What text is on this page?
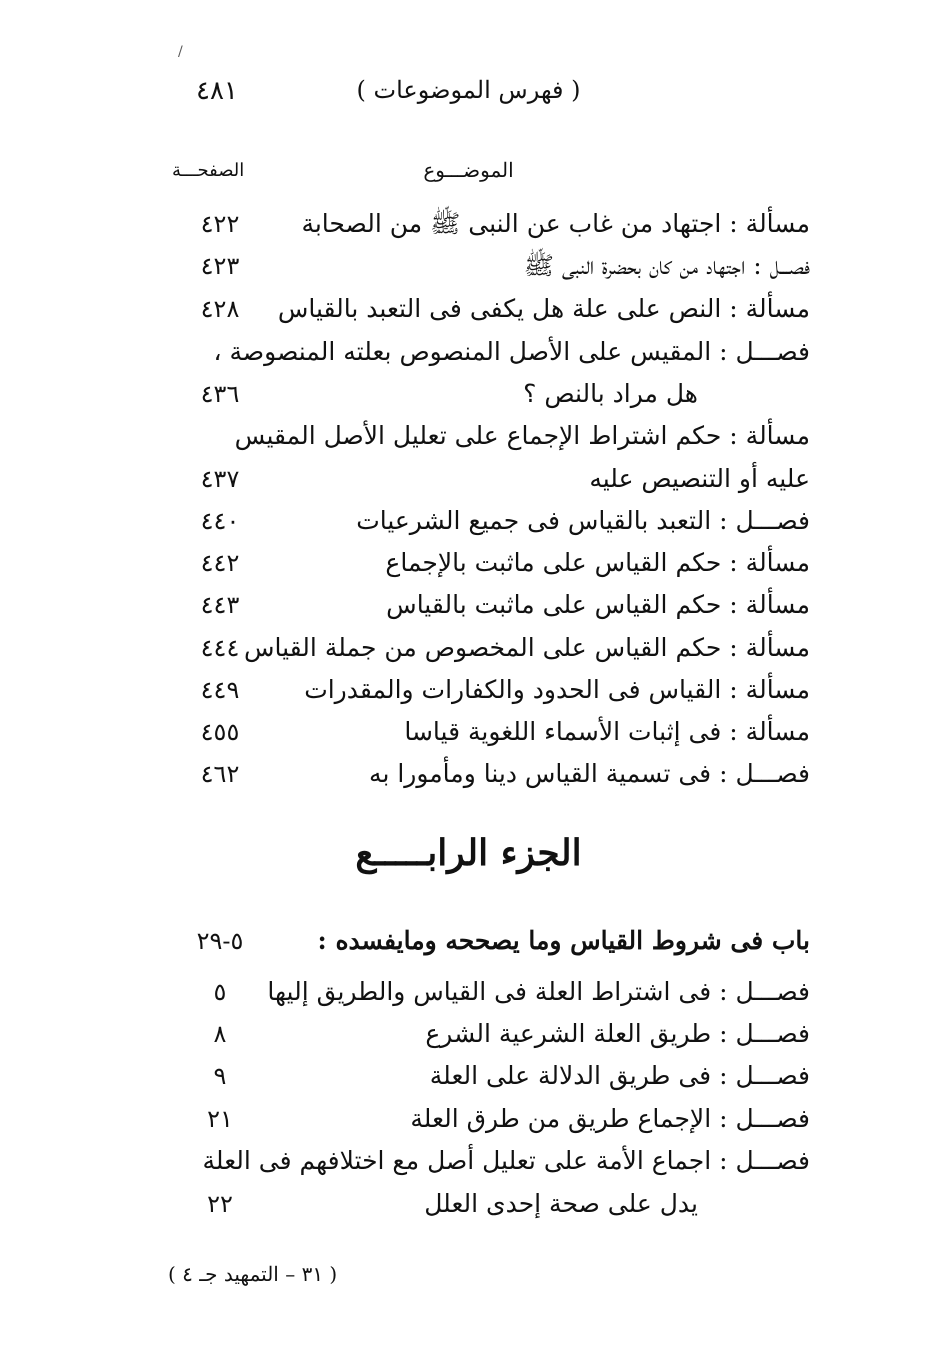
/
( فهرس الموضوعات )
٤٨١
الموضـــوع
الصفحـــة
مسألة : اجتهاد من غاب عن النبى ﷺ من الصحابة
٤٢٢
فصـــل : اجتهاد من كان بحضرة النبى ﷺ
٤٢٣
مسألة : النص على علة هل يكفى فى التعبد بالقياس
٤٢٨
فصـــل : المقيس على الأصل المنصوص بعلته المنصوصة ،
هل مراد بالنص ؟
٤٣٦
مسألة : حكم اشتراط الإجماع على تعليل الأصل المقيس
عليه أو التنصيص عليه
٤٣٧
فصـــل : التعبد بالقياس فى جميع الشرعيات
٤٤٠
مسألة : حكم القياس على ماثبت بالإجماع
٤٤٢
مسألة : حكم القياس على ماثبت بالقياس
٤٤٣
مسألة : حكم القياس على المخصوص من جملة القياس
٤٤٤
مسألة : القياس فى الحدود والكفارات والمقدرات
٤٤٩
مسألة : فى إثبات الأسماء اللغوية قياسا
٤٥٥
فصـــل : فى تسمية القياس دينا ومأمورا به
٤٦٢
الجزء الرابـــــع
باب فى شروط القياس وما يصححه ومايفسده :
٥-٢٩
فصـــل : فى اشتراط العلة فى القياس والطريق إليها
٥
فصـــل : طريق العلة الشرعية الشرع
٨
فصـــل : فى طريق الدلالة على العلة
٩
فصـــل : الإجماع طريق من طرق العلة
٢١
فصـــل : اجماع الأمة على تعليل أصل مع اختلافهم فى العلة
يدل على صحة إحدى العلل
٢٢
( ٣١ – التمهيد جـ ٤ )
